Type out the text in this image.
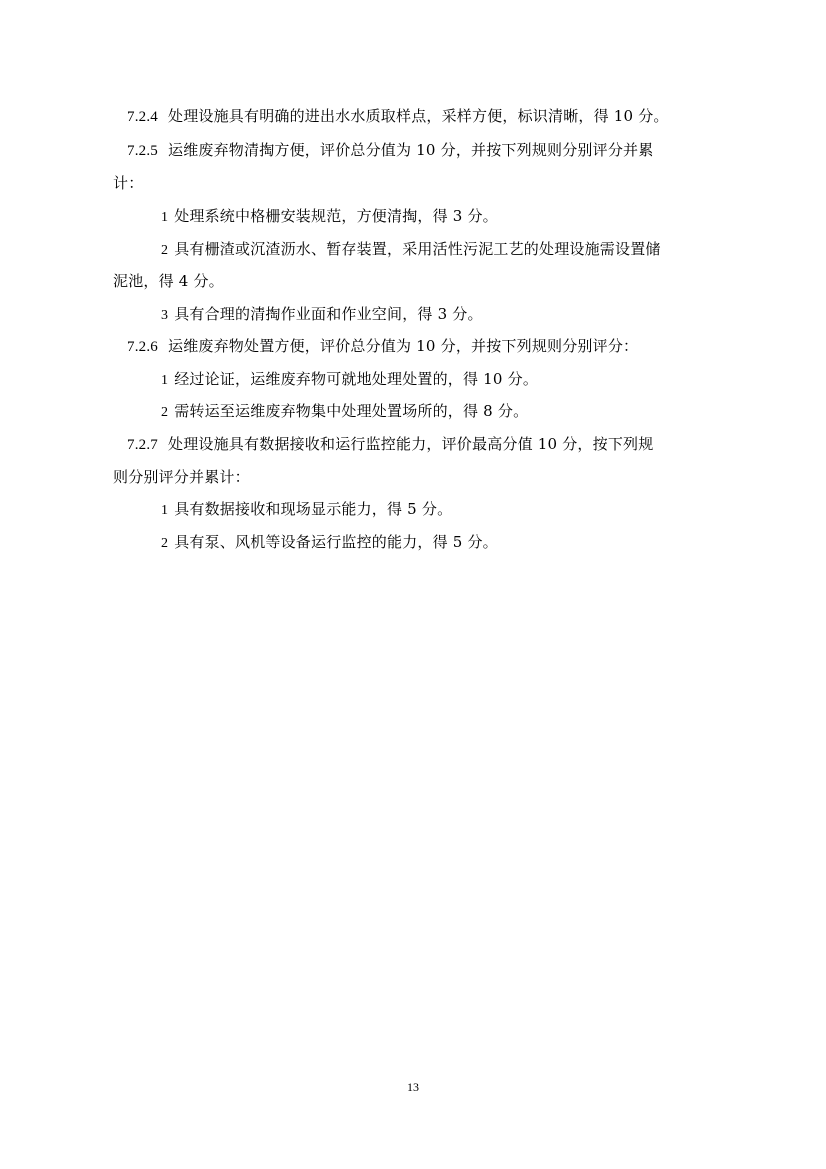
7.2.4 处理设施具有明确的进出水水质取样点，采样方便，标识清晰，得 10 分。
7.2.5 运维废弃物清掏方便，评价总分值为 10 分，并按下列规则分别评分并累
计：
1 处理系统中格栅安装规范，方便清掏，得 3 分。
2 具有栅渣或沉渣沥水、暂存装置，采用活性污泥工艺的处理设施需设置储
泥池，得 4 分。
3 具有合理的清掏作业面和作业空间，得 3 分。
7.2.6 运维废弃物处置方便，评价总分值为 10 分，并按下列规则分别评分：
1 经过论证，运维废弃物可就地处理处置的，得 10 分。
2 需转运至运维废弃物集中处理处置场所的，得 8 分。
7.2.7 处理设施具有数据接收和运行监控能力，评价最高分值 10 分，按下列规
则分别评分并累计：
1 具有数据接收和现场显示能力，得 5 分。
2 具有泵、风机等设备运行监控的能力，得 5 分。
13
